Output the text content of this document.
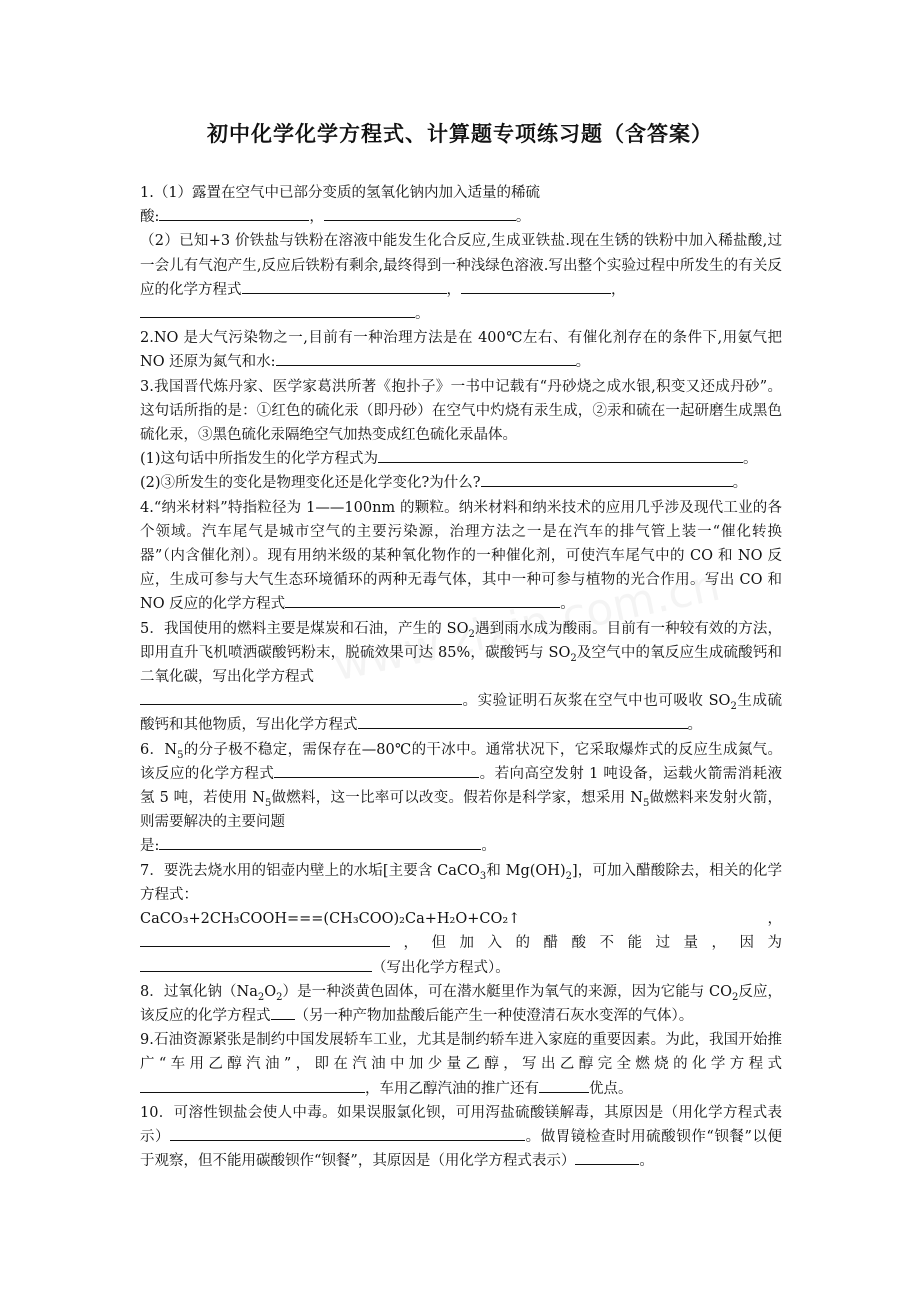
初中化学化学方程式、计算题专项练习题（含答案）
1.（1）露置在空气中已部分变质的氢氧化钠内加入适量的稀硫
酸:	，	。
（2）已知+3 价铁盐与铁粉在溶液中能发生化合反应,生成亚铁盐.现在生锈的铁粉中加入稀盐酸,过一会儿有气泡产生,反应后铁粉有剩余,最终得到一种浅绿色溶液.写出整个实验过程中所发生的有关反应的化学方程式	，	，
。
2.NO 是大气污染物之一,目前有一种治理方法是在 400℃左右、有催化剂存在的条件下,用氨气把 NO 还原为氮气和水:	。
3.我国晋代炼丹家、医学家葛洪所著《抱扑子》一书中记载有“丹砂烧之成水银,积变又还成丹砂”。这句话所指的是：①红色的硫化汞（即丹砂）在空气中灼烧有汞生成，②汞和硫在一起研磨生成黑色硫化汞，③黑色硫化汞隔绝空气加热变成红色硫化汞晶体。
(1)这句话中所指发生的化学方程式为	。
(2)③所发生的变化是物理变化还是化学变化?为什么?	。
4.“纳米材料”特指粒径为 1——100nm 的颗粒。纳米材料和纳米技术的应用几乎涉及现代工业的各个领域。汽车尾气是城市空气的主要污染源，治理方法之一是在汽车的排气管上装一“催化转换器”（内含催化剂）。现有用纳米级的某种氧化物作的一种催化剂，可使汽车尾气中的 CO 和 NO 反应，生成可参与大气生态环境循环的两种无毒气体，其中一种可参与植物的光合作用。写出 CO 和 NO 反应的化学方程式	。
5．我国使用的燃料主要是煤炭和石油，产生的 $SO_2$遇到雨水成为酸雨。目前有一种较有效的方法，即用直升飞机喷洒碳酸钙粉末，脱硫效果可达 85%，碳酸钙与 $SO_2$及空气中的氧反应生成硫酸钙和二氧化碳，写出化学方程式
。实验证明石灰浆在空气中也可吸收 $SO_2$生成硫酸钙和其他物质，写出化学方程式	。
6．$N_5$的分子极不稳定，需保存在—80℃的干冰中。通常状况下，它采取爆炸式的反应生成氮气。该反应的化学方程式	。若向高空发射 1 吨设备，运载火箭需消耗液氢 5 吨，若使用 $N_5$做燃料，这一比率可以改变。假若你是科学家，想采用 $N_5$做燃料来发射火箭，则需要解决的主要问题
是:	。
7．要洗去烧水用的铝壶内壁上的水垢[主要含 CaCO$_3$和 $Mg(OH)_2$]，可加入醋酸除去，相关的化学方程式：
CaCO₃+2CH₃COOH===(CH₃COO)₂Ca+H₂O+CO₂↑，，但加入的醋酸不能过量，因为（写出化学方程式）。
8．过氧化钠$(Na_2O_2)$是一种淡黄色固体，可在潜水艇里作为氧气的来源，因为它能与 $CO_2$反应，该反应的化学方程式 （另一种产物加盐酸后能产生一种使澄清石灰水变浑的气体）。
9.石油资源紧张是制约中国发展轿车工业，尤其是制约轿车进入家庭的重要因素。为此，我国开始推广“车用乙醇汽油”，即在汽油中加少量乙醇，写出乙醇完全燃烧的化学方程式，车用乙醇汽油的推广还有	优点。
10．可溶性钡盐会使人中毒。如果误服氯化钡，可用泻盐硫酸镁解毒，其原因是（用化学方程式表示）	。做胃镜检查时用硫酸钡作“钡餐”以便于观察，但不能用碳酸钡作“钡餐”，其原因是（用化学方程式表示）	。
